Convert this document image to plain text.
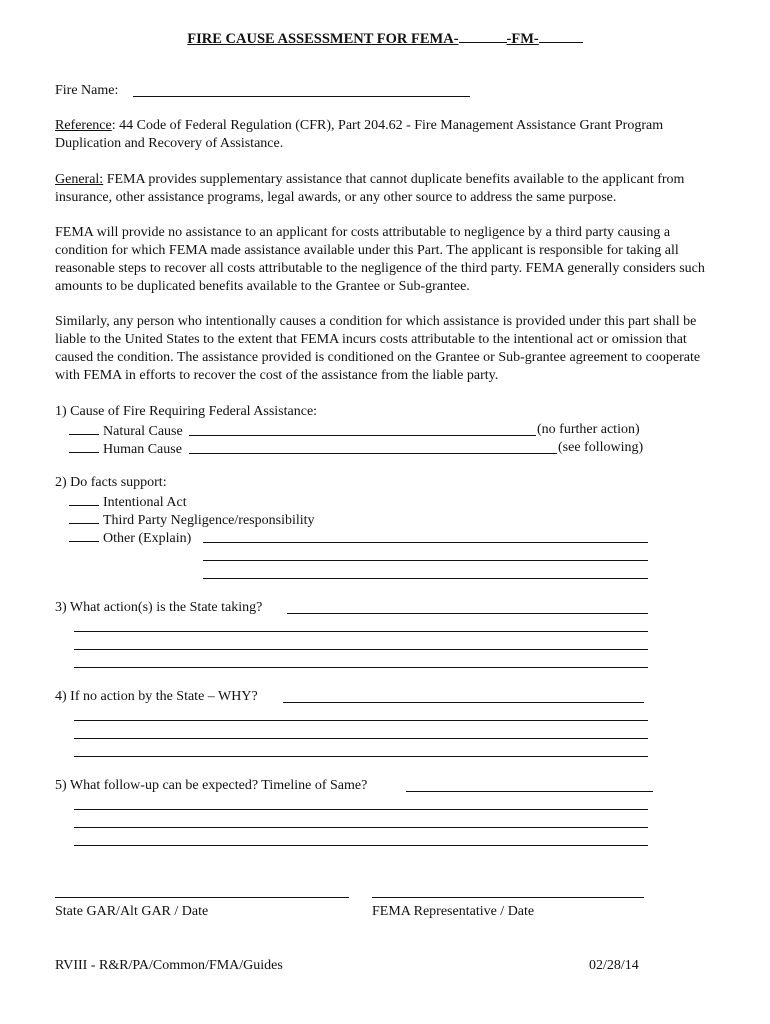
FIRE CAUSE ASSESSMENT FOR FEMA-	-FM-
Fire Name:
Reference: 44 Code of Federal Regulation (CFR), Part 204.62 - Fire Management Assistance Grant Program Duplication and Recovery of Assistance.
General: FEMA provides supplementary assistance that cannot duplicate benefits available to the applicant from insurance, other assistance programs, legal awards, or any other source to address the same purpose.
FEMA will provide no assistance to an applicant for costs attributable to negligence by a third party causing a condition for which FEMA made assistance available under this Part. The applicant is responsible for taking all reasonable steps to recover all costs attributable to the negligence of the third party. FEMA generally considers such amounts to be duplicated benefits available to the Grantee or Sub-grantee.
Similarly, any person who intentionally causes a condition for which assistance is provided under this part shall be liable to the United States to the extent that FEMA incurs costs attributable to the intentional act or omission that caused the condition. The assistance provided is conditioned on the Grantee or Sub-grantee agreement to cooperate with FEMA in efforts to recover the cost of the assistance from the liable party.
1) Cause of Fire Requiring Federal Assistance:
Natural Cause	(no further action)
Human Cause	(see following)
2) Do facts support:
Intentional Act
Third Party Negligence/responsibility
Other (Explain)
3) What action(s) is the State taking?
4) If no action by the State – WHY?
5) What follow-up can be expected? Timeline of Same?
State GAR/Alt GAR / Date	FEMA Representative / Date
RVIII - R&R/PA/Common/FMA/Guides	02/28/14
